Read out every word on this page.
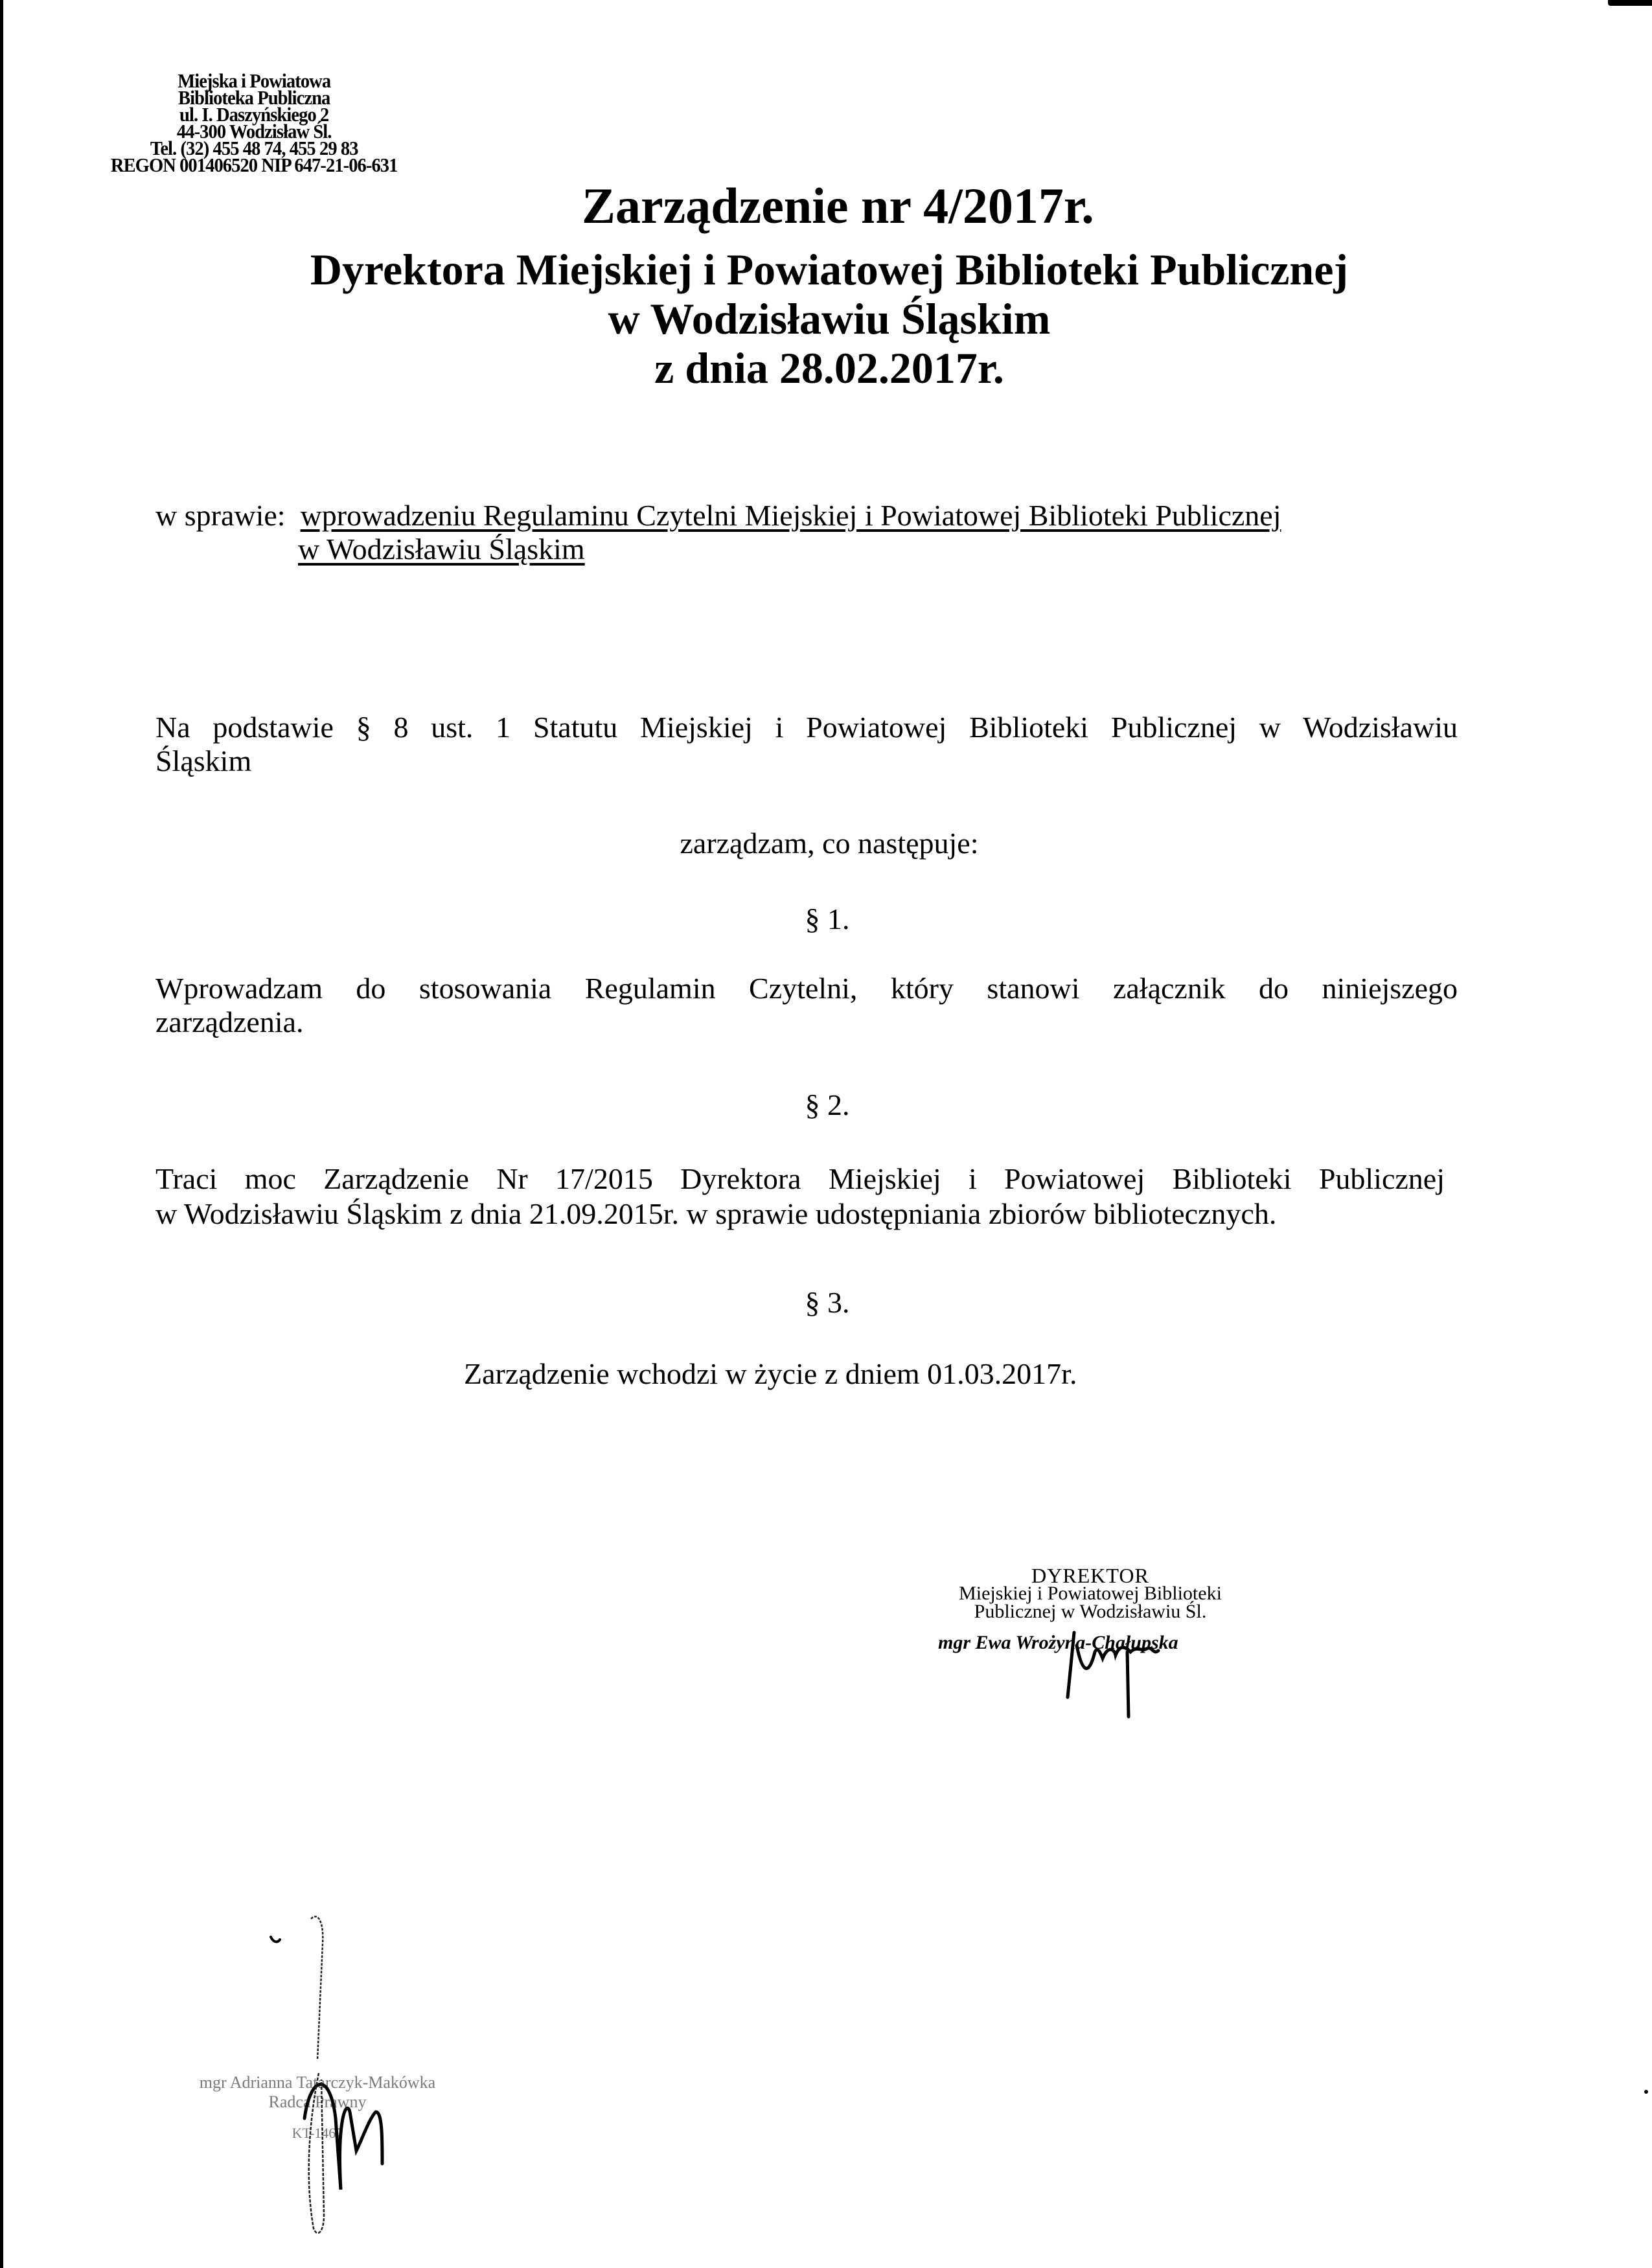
Miejska i Powiatowa
Biblioteka Publiczna
ul. I. Daszyńskiego 2
44-300 Wodzisław Śl.
Tel. (32) 455 48 74, 455 29 83
REGON 001406520 NIP 647-21-06-631
Zarządzenie nr 4/2017r.
Dyrektora Miejskiej i Powiatowej Biblioteki Publicznej
w Wodzisławiu Śląskim
z dnia 28.02.2017r.
w sprawie: wprowadzeniu Regulaminu Czytelni Miejskiej i Powiatowej Biblioteki Publicznej
w Wodzisławiu Śląskim
Na podstawie § 8 ust. 1 Statutu Miejskiej i Powiatowej Biblioteki Publicznej w Wodzisławiu
Śląskim
zarządzam, co następuje:
§ 1.
Wprowadzam do stosowania Regulamin Czytelni, który stanowi załącznik do niniejszego
zarządzenia.
§ 2.
Traci moc Zarządzenie Nr 17/2015 Dyrektora Miejskiej i Powiatowej Biblioteki Publicznej
w Wodzisławiu Śląskim z dnia 21.09.2015r. w sprawie udostępniania zbiorów bibliotecznych.
§ 3.
Zarządzenie wchodzi w życie z dniem 01.03.2017r.
DYREKTOR
Miejskiej i Powiatowej Biblioteki
Publicznej w Wodzisławiu Śl.
mgr Ewa Wrożyna-Chałupska
mgr Adrianna Tatarczyk-Makówka
Radca Prawny
KT-1467
